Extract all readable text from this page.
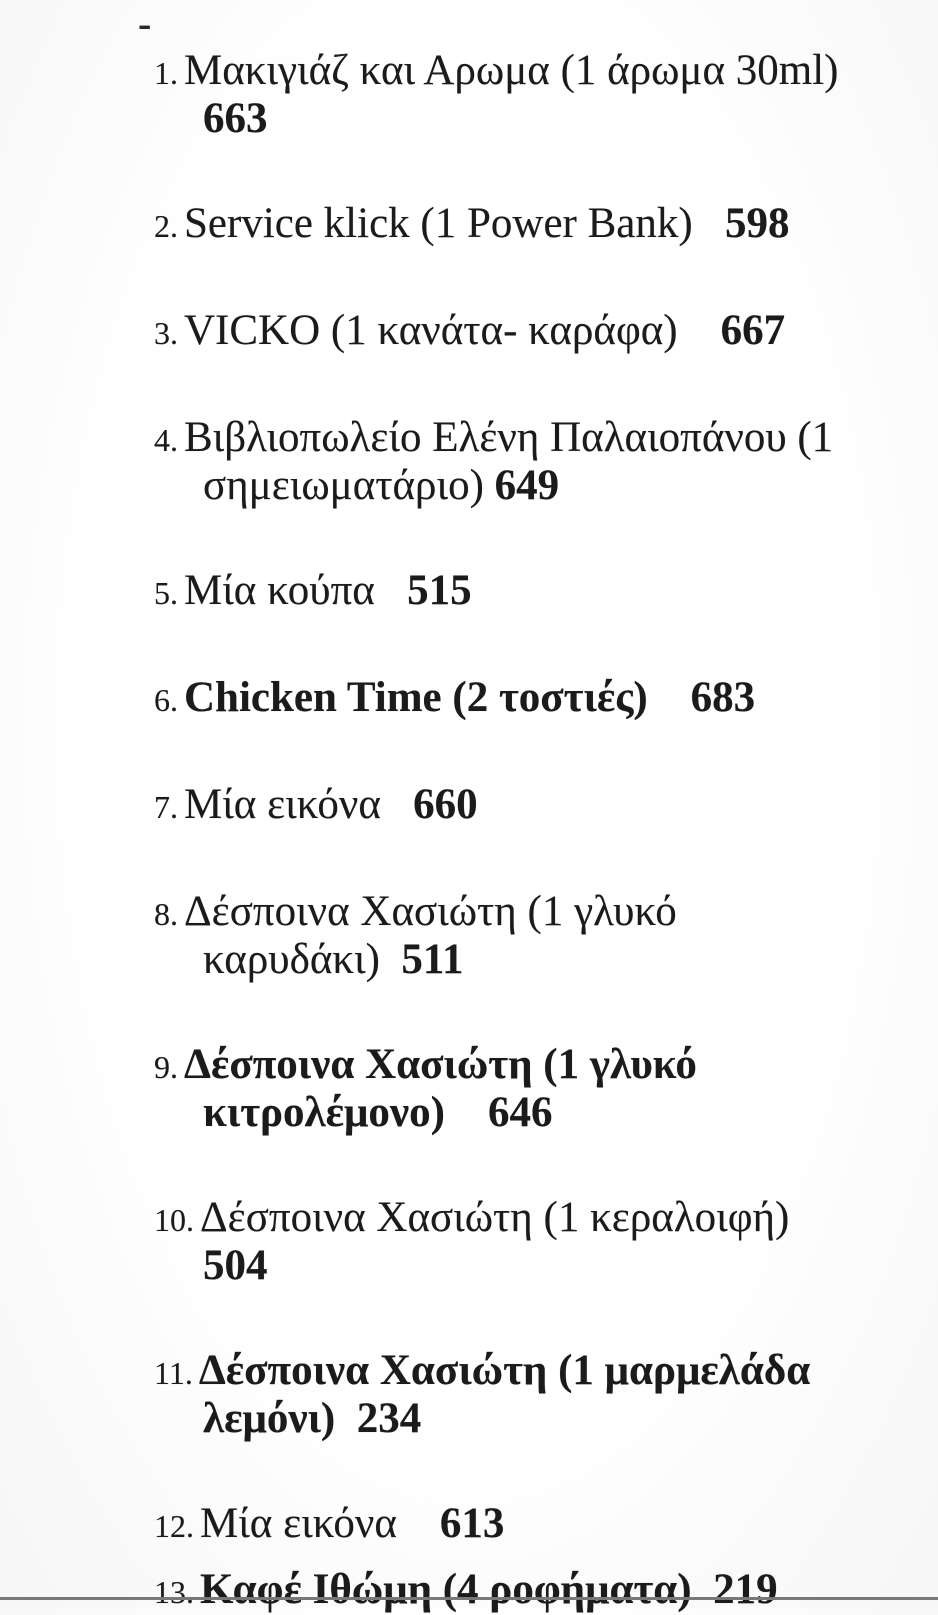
-
1. Μακιγιάζ και Αρωμα (1 άρωμα 30ml)
663
2. Service klick (1 Power Bank)   598
3. VICKO (1 κανάτα- καράφα)    667
4. Βιβλιοπωλείο Ελένη Παλαιοπάνου (1
σημειωματάριο) 649
5. Μία κούπα   515
6. Chicken Time (2 τοστιές)    683
7. Μία εικόνα   660
8. Δέσποινα Χασιώτη (1 γλυκό
καρυδάκι)  511
9. Δέσποινα Χασιώτη (1 γλυκό
κιτρολέμονο)    646
10. Δέσποινα Χασιώτη (1 κεραλοιφή)
504
11. Δέσποινα Χασιώτη (1 μαρμελάδα
λεμόνι)  234
12. Μία εικόνα    613
13. Καφέ Ιθώμη (4 ροφήματα)  219
